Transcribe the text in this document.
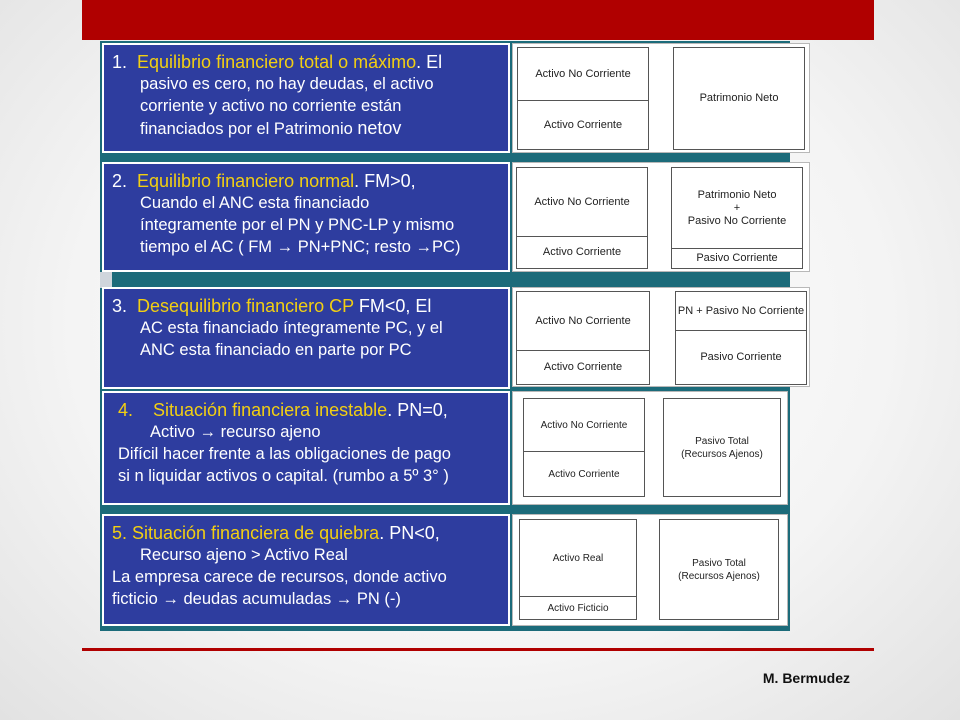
1. Equilibrio financiero total o máximo. El
pasivo es cero, no hay deudas, el activo
corriente y activo no corriente están
financiados por el Patrimonio netov
Activo No Corriente
Activo Corriente
Patrimonio Neto
2. Equilibrio financiero normal. FM>0,
Cuando el ANC esta financiado
íntegramente por el PN y PNC-LP y mismo
tiempo el AC ( FM → PN+PNC; resto →PC)
Activo No Corriente
Activo Corriente
Patrimonio Neto
+
Pasivo No Corriente
Pasivo Corriente
3. Desequilibrio financiero CP FM<0, El
AC esta financiado íntegramente PC, y el
ANC esta financiado en parte por PC
Activo No Corriente
Activo Corriente
PN + Pasivo No Corriente
Pasivo Corriente
4. Situación financiera inestable. PN=0,
Activo → recurso ajeno
Difícil hacer frente a las obligaciones de pago
si n liquidar activos o capital. (rumbo a 5º 3° )
Activo No Corriente
Activo Corriente
Pasivo Total
(Recursos Ajenos)
5. Situación financiera de quiebra. PN<0,
Recurso ajeno > Activo Real
La empresa carece de recursos, donde activo
ficticio → deudas acumuladas → PN (-)
Activo Real
Activo Ficticio
Pasivo Total
(Recursos Ajenos)
M. Bermudez
